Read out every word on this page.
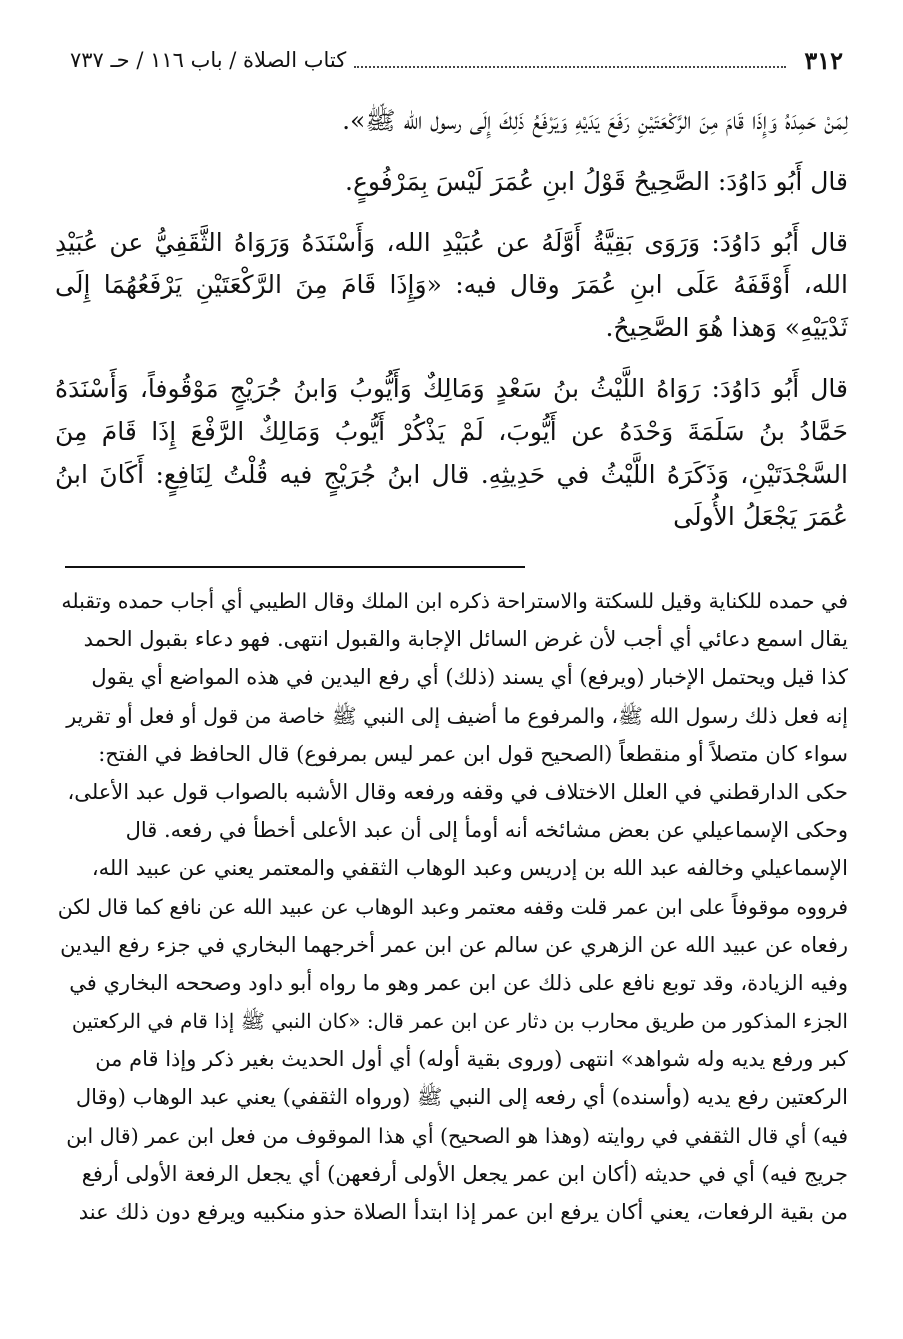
٣١٢
كتاب الصلاة / باب ١١٦ / حـ ٧٣٧

لِمَنْ حَمِدَهُ وَإِذَا قَامَ مِنَ الرَّكْعَتَيْنِ رَفَعَ يَدَيْهِ وَيَرْفَعُ ذَلِكَ إِلَى رسول الله ﷺ».

قال أَبُو دَاوُدَ: الصَّحِيحُ قَوْلُ ابنِ عُمَرَ لَيْسَ بِمَرْفُوعٍ.

قال أَبُو دَاوُدَ: وَرَوَى بَقِيَّةُ أَوَّلَهُ عن عُبَيْدِ الله، وَأَسْنَدَهُ وَرَوَاهُ الثَّقَفِيُّ عن عُبَيْدِ الله، أَوْقَفَهُ عَلَى ابنِ عُمَرَ وقال فيه: «وَإِذَا قَامَ مِنَ الرَّكْعَتَيْنِ يَرْفَعُهُمَا إِلَى ثَدْيَيْهِ» وَهذا هُوَ الصَّحِيحُ.

قال أَبُو دَاوُدَ: رَوَاهُ اللَّيْثُ بنُ سَعْدٍ وَمَالِكٌ وَأَيُّوبُ وَابنُ جُرَيْجٍ مَوْقُوفاً، وَأَسْنَدَهُ حَمَّادُ بنُ سَلَمَةَ وَحْدَهُ عن أَيُّوبَ، لَمْ يَذْكُرْ أَيُّوبُ وَمَالِكٌ الرَّفْعَ إِذَا قَامَ مِنَ السَّجْدَتَيْنِ، وَذَكَرَهُ اللَّيْثُ في حَدِيثِهِ. قال ابنُ جُرَيْجٍ فيه قُلْتُ لِنَافِعٍ: أَكَانَ ابنُ عُمَرَ يَجْعَلُ الأُولَى

في حمده للكناية وقيل للسكتة والاستراحة ذكره ابن الملك وقال الطيبي أي أجاب حمده وتقبله
يقال اسمع دعائي أي أجب لأن غرض السائل الإجابة والقبول انتهى. فهو دعاء بقبول الحمد
كذا قيل ويحتمل الإخبار (ويرفع) أي يسند (ذلك) أي رفع اليدين في هذه المواضع أي يقول
إنه فعل ذلك رسول الله ﷺ، والمرفوع ما أضيف إلى النبي ﷺ خاصة من قول أو فعل أو تقرير
سواء كان متصلاً أو منقطعاً (الصحيح قول ابن عمر ليس بمرفوع) قال الحافظ في الفتح:
حكى الدارقطني في العلل الاختلاف في وقفه ورفعه وقال الأشبه بالصواب قول عبد الأعلى،
وحكى الإسماعيلي عن بعض مشائخه أنه أومأ إلى أن عبد الأعلى أخطأ في رفعه. قال
الإسماعيلي وخالفه عبد الله بن إدريس وعبد الوهاب الثقفي والمعتمر يعني عن عبيد الله،
فرووه موقوفاً على ابن عمر قلت وقفه معتمر وعبد الوهاب عن عبيد الله عن نافع كما قال لكن
رفعاه عن عبيد الله عن الزهري عن سالم عن ابن عمر أخرجهما البخاري في جزء رفع اليدين
وفيه الزيادة، وقد توبع نافع على ذلك عن ابن عمر وهو ما رواه أبو داود وصححه البخاري في
الجزء المذكور من طريق محارب بن دثار عن ابن عمر قال: «كان النبي ﷺ إذا قام في الركعتين
كبر ورفع يديه وله شواهد» انتهى (وروى بقية أوله) أي أول الحديث بغير ذكر وإذا قام من
الركعتين رفع يديه (وأسنده) أي رفعه إلى النبي ﷺ (ورواه الثقفي) يعني عبد الوهاب (وقال
فيه) أي قال الثقفي في روايته (وهذا هو الصحيح) أي هذا الموقوف من فعل ابن عمر (قال ابن
جريج فيه) أي في حديثه (أكان ابن عمر يجعل الأولى أرفعهن) أي يجعل الرفعة الأولى أرفع
من بقية الرفعات، يعني أكان يرفع ابن عمر إذا ابتدأ الصلاة حذو منكبيه ويرفع دون ذلك عند
